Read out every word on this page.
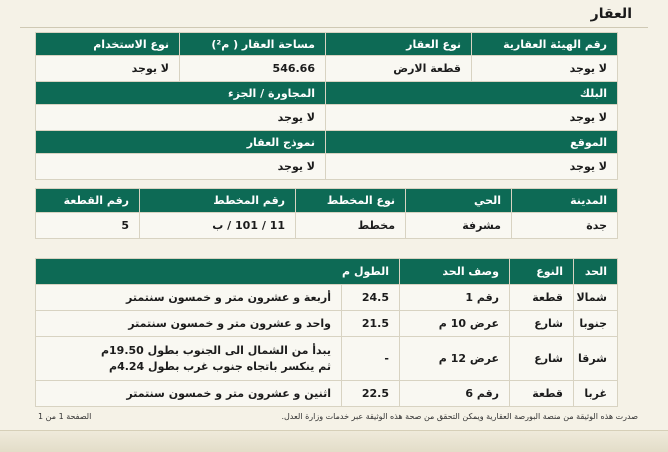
العقار
رقم الهيئة العقارية	نوع العقار	مساحة العقار ( م²)	نوع الاستخدام
لا يوجد	قطعة الارض	546.66	لا يوجد
البلك		المجاورة / الجزء	
لا يوجد		لا يوجد	
الموقع		نموذج العقار	
لا يوجد		لا يوجد	
المدينة	الحي	نوع المخطط	رقم المخطط	رقم القطعة
جدة	مشرفة	مخطط	11 / 101 / ب	5
الحد	النوع	وصف الحد	الطول م	
شمالا	قطعة	رقم 1	24.5	أربعة و عشرون متر و خمسون سنتمتر
جنوبا	شارع	عرض 10 م	21.5	واحد و عشرون متر و خمسون سنتمتر
شرقا	شارع	عرض 12 م	-	يبدأ من الشمال الى الجنوب بطول 19.50م
ثم ينكسر باتجاه جنوب غرب بطول 4.24م

غربا	قطعة	رقم 6	22.5	اثنين و عشرون متر و خمسون سنتمتر
صدرت هذه الوثيقة من منصة البورصة العقارية ويمكن التحقق من صحة هذه الوثيقة عبر خدمات وزارة العدل.
الصفحة 1 من 1
